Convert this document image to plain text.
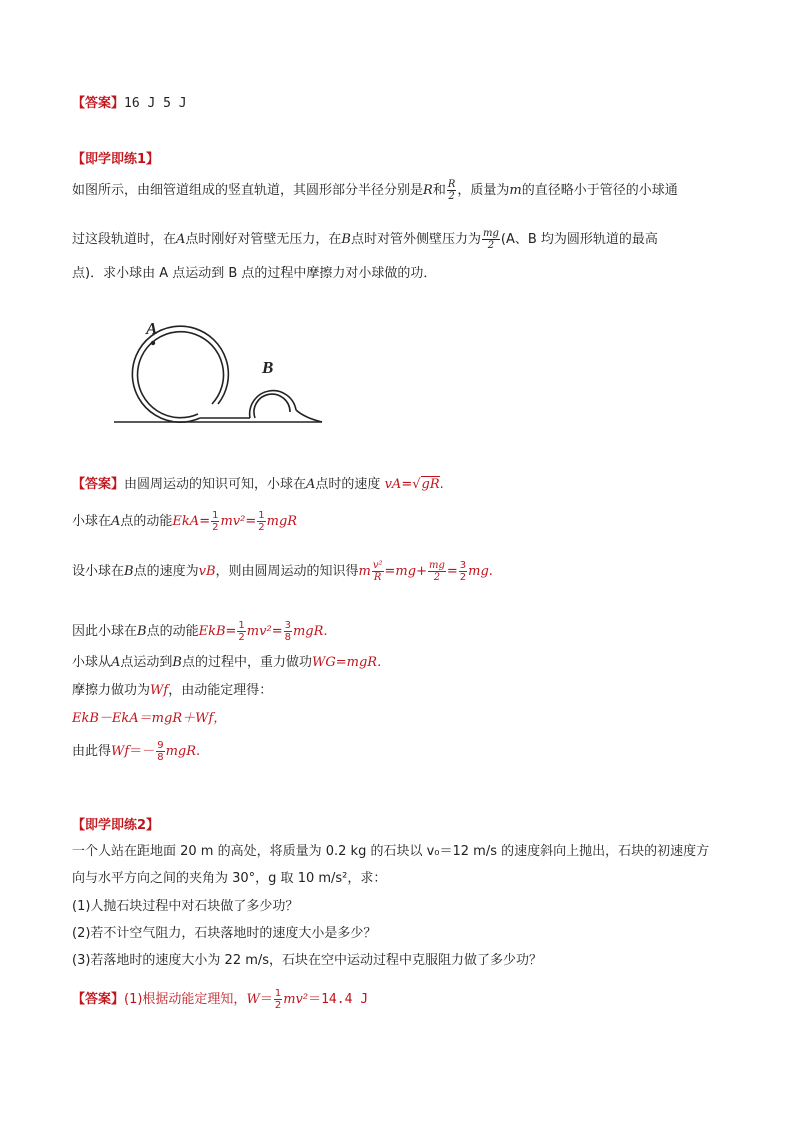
【答案】16 J 5 J
【即学即练1】
如图所示，由细管道组成的竖直轨道，其圆形部分半径分别是R和 $\frac{R}{2}$ ，质量为m的直径略小于管径的小球通
过这段轨道时，在A点时刚好对管壁无压力，在B点时对管外侧壁压力为 $\frac{mg}{2} (A$、B 均为圆形轨道的最高
点)．求小球由 A 点运动到 B 点的过程中摩擦力对小球做的功．
A
B
【答案】由圆周运动的知识可知，小球在A点时的速度 vA=√gR.
小球在A点的动能$EkA= \frac{1}{2} mv^2= \frac{1}{2}$ mgR
设小球在B点的速度为vB，则由圆周运动的知识得m $\frac{\text{v²}}{R} =mg+ \frac{mg}{2} = \frac{3}{2}$ mg.
因此小球在B点的动能$EkB= \frac{1}{2} mv^2= \frac{3}{8}$ mgR.
小球从A点运动到B点的过程中，重力做功WG=mgR.
摩擦力做功为Wf，由动能定理得：
EkB－EkA＝mgR＋Wf，
由此得$Wf=- \frac{9}{8}$ mgR.
【即学即练2】
一个人站在距地面 20 m 的高处，将质量为 0.2 kg 的石块以 v₀＝12 m/s 的速度斜向上抛出，石块的初速度方
向与水平方向之间的夹角为 30°，g 取 10 m/s²，求：
(1)人抛石块过程中对石块做了多少功？
(2)若不计空气阻力，石块落地时的速度大小是多少？
(3)若落地时的速度大小为 22 m/s，石块在空中运动过程中克服阻力做了多少功？
【答案】(1)根据动能定理知，$W= \frac{1}{2} mv^2=14.4$ J
